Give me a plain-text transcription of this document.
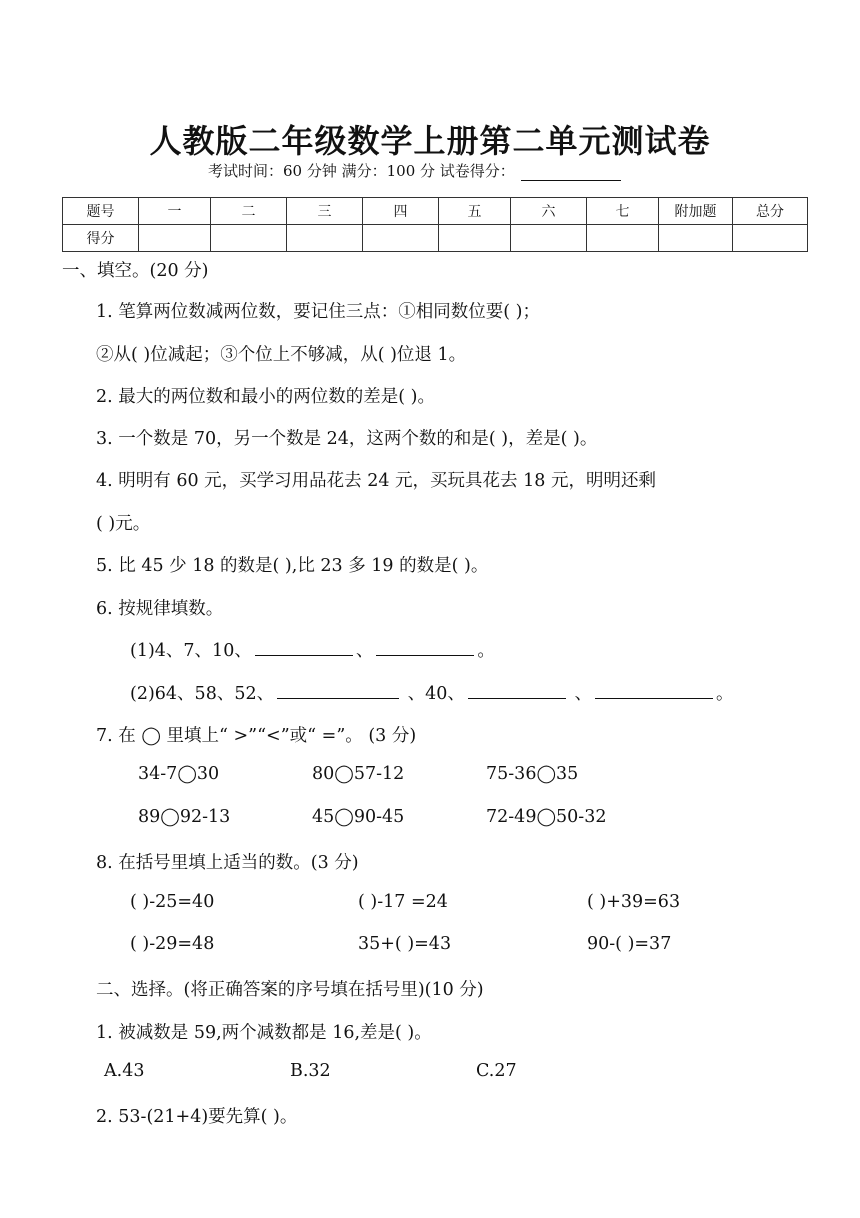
人教版二年级数学上册第二单元测试卷
考试时间：60 分钟 满分：100 分 试卷得分：
题号	一	二	三	四	五	六	七	附加题	总分
得分									
一、填空。(20 分)
1. 笔算两位数减两位数，要记住三点：①相同数位要( )；
②从( )位减起；③个位上不够减，从( )位退 1。
2. 最大的两位数和最小的两位数的差是( )。
3. 一个数是 70，另一个数是 24，这两个数的和是( )，差是( )。
4. 明明有 60 元，买学习用品花去 24 元，买玩具花去 18 元，明明还剩
( )元。
5. 比 45 少 18 的数是( ),比 23 多 19 的数是( )。
6. 按规律填数。
(1)4、7、10、	、	。
(2)64、58、52、	、40、	、	。
7. 在 ◯ 里填上“ >”“<”或“ =”。 (3 分)
34-7◯30	80◯57-12	75-36◯35
89◯92-13	45◯90-45	72-49◯50-32
8. 在括号里填上适当的数。(3 分)
( )-25=40	( )-17 =24	( )+39=63
( )-29=48	35+( )=43	90-( )=37
二、选择。(将正确答案的序号填在括号里)(10 分)
1. 被减数是 59,两个减数都是 16,差是( )。
A.43	B.32	C.27
2. 53-(21+4)要先算( )。
